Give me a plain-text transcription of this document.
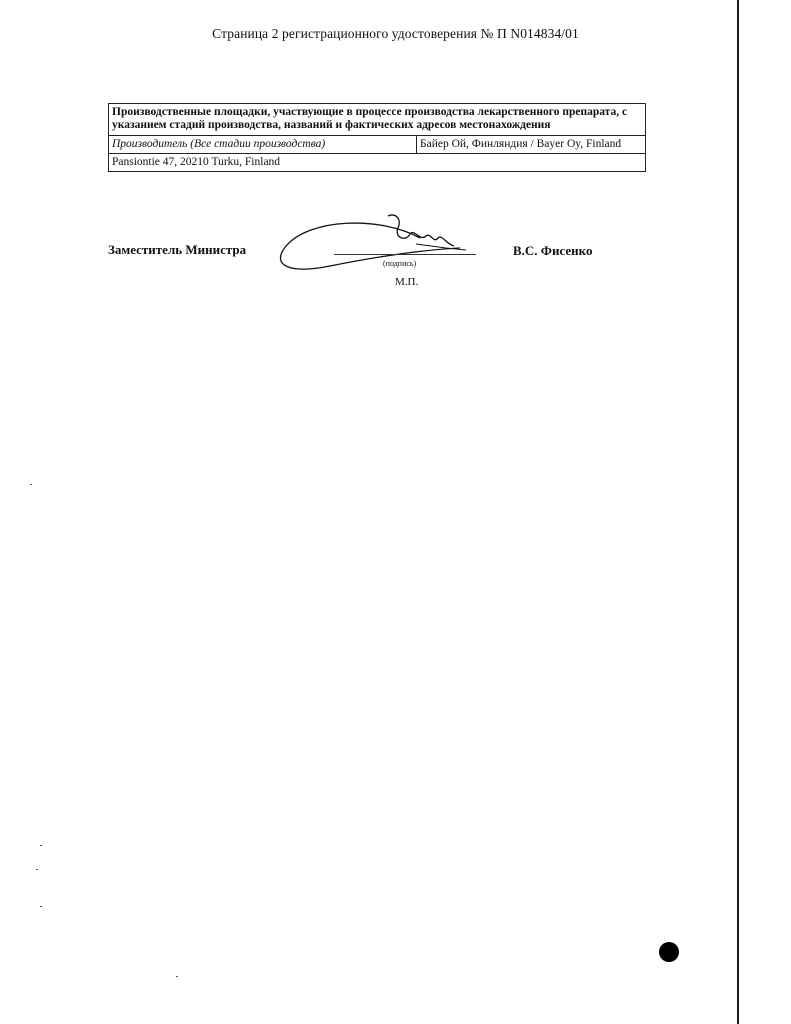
Страница 2 регистрационного удостоверения № П N014834/01
Производственные площадки, участвующие в процессе производства лекарственного препарата, с указанием стадий производства, названий и фактических адресов местонахождения
Производитель (Все стадии производства)	Байер Ой, Финляндия / Bayer Oy, Finland
Pansiontie 47, 20210 Turku, Finland
Заместитель Министра
(подпись)
М.П.
В.С. Фисенко
